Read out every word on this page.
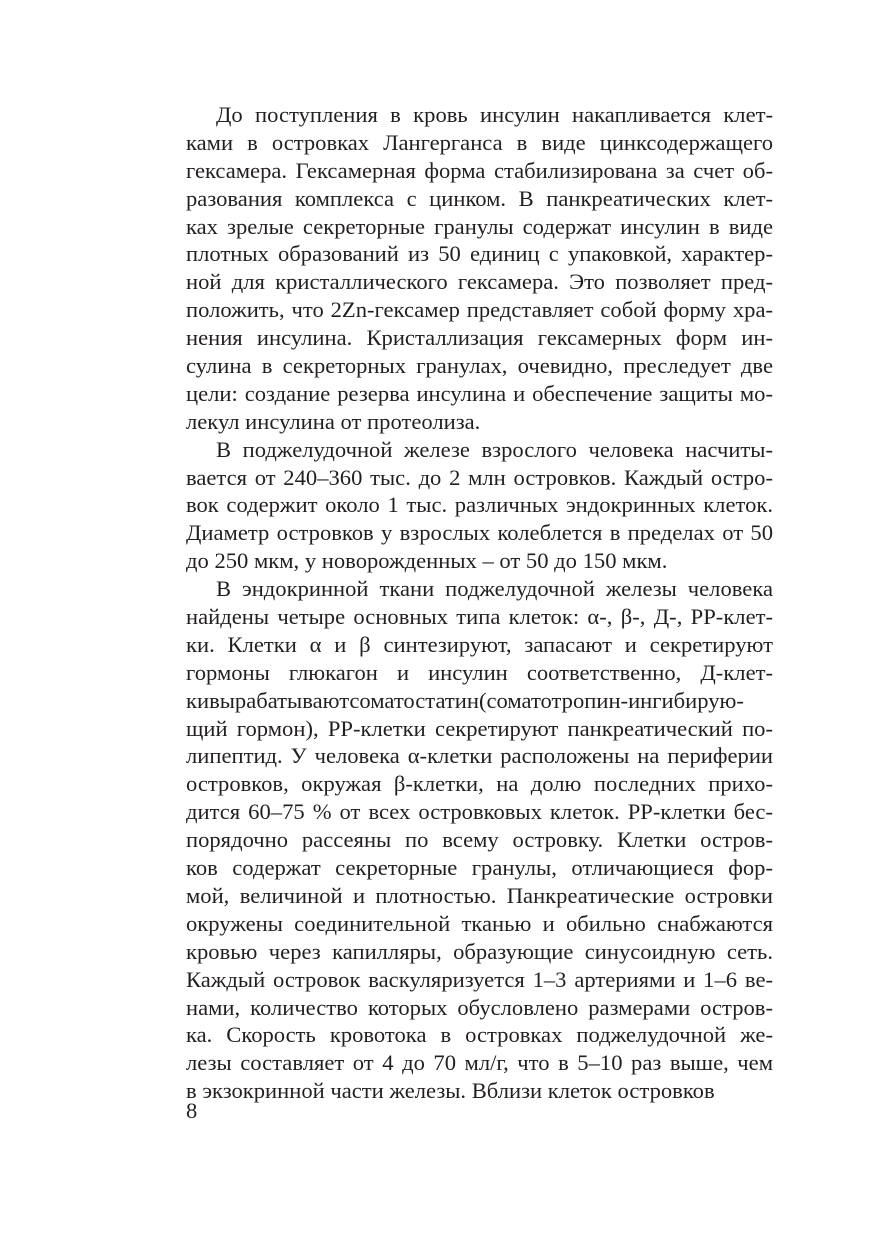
До поступления в кровь инсулин накапливается клет-
ками в островках Лангерганса в виде цинксодержащего
гексамера. Гексамерная форма стабилизирована за счет об-
разования комплекса с цинком. В панкреатических клет-
ках зрелые секреторные гранулы содержат инсулин в виде
плотных образований из 50 единиц с упаковкой, характер-
ной для кристаллического гексамера. Это позволяет пред-
положить, что 2Zn-гексамер представляет собой форму хра-
нения инсулина. Кристаллизация гексамерных форм ин-
сулина в секреторных гранулах, очевидно, преследует две
цели: создание резерва инсулина и обеспечение защиты мо-
лекул инсулина от протеолиза.
В поджелудочной железе взрослого человека насчиты-
вается от 240–360 тыс. до 2 млн островков. Каждый остро-
вок содержит около 1 тыс. различных эндокринных клеток.
Диаметр островков у взрослых колеблется в пределах от 50
до 250 мкм, у новорожденных – от 50 до 150 мкм.
В эндокринной ткани поджелудочной железы человека
найдены четыре основных типа клеток: α-, β-, Д-, РР-клет-
ки. Клетки α и β синтезируют, запасают и секретируют
гормоны глюкагон и инсулин соответственно, Д-клет-
кивырабатываютсоматостатин(соматотропин-ингибирую-
щий гормон), РР-клетки секретируют панкреатический по-
липептид. У человека α-клетки расположены на периферии
островков, окружая β-клетки, на долю последних прихо-
дится 60–75 % от всех островковых клеток. РР-клетки бес-
порядочно рассеяны по всему островку. Клетки остров-
ков содержат секреторные гранулы, отличающиеся фор-
мой, величиной и плотностью. Панкреатические островки
окружены соединительной тканью и обильно снабжаются
кровью через капилляры, образующие синусоидную сеть.
Каждый островок васкуляризуется 1–3 артериями и 1–6 ве-
нами, количество которых обусловлено размерами остров-
ка. Скорость кровотока в островках поджелудочной же-
лезы составляет от 4 до 70 мл/г, что в 5–10 раз выше, чем
в экзокринной части железы. Вблизи клеток островков
8
